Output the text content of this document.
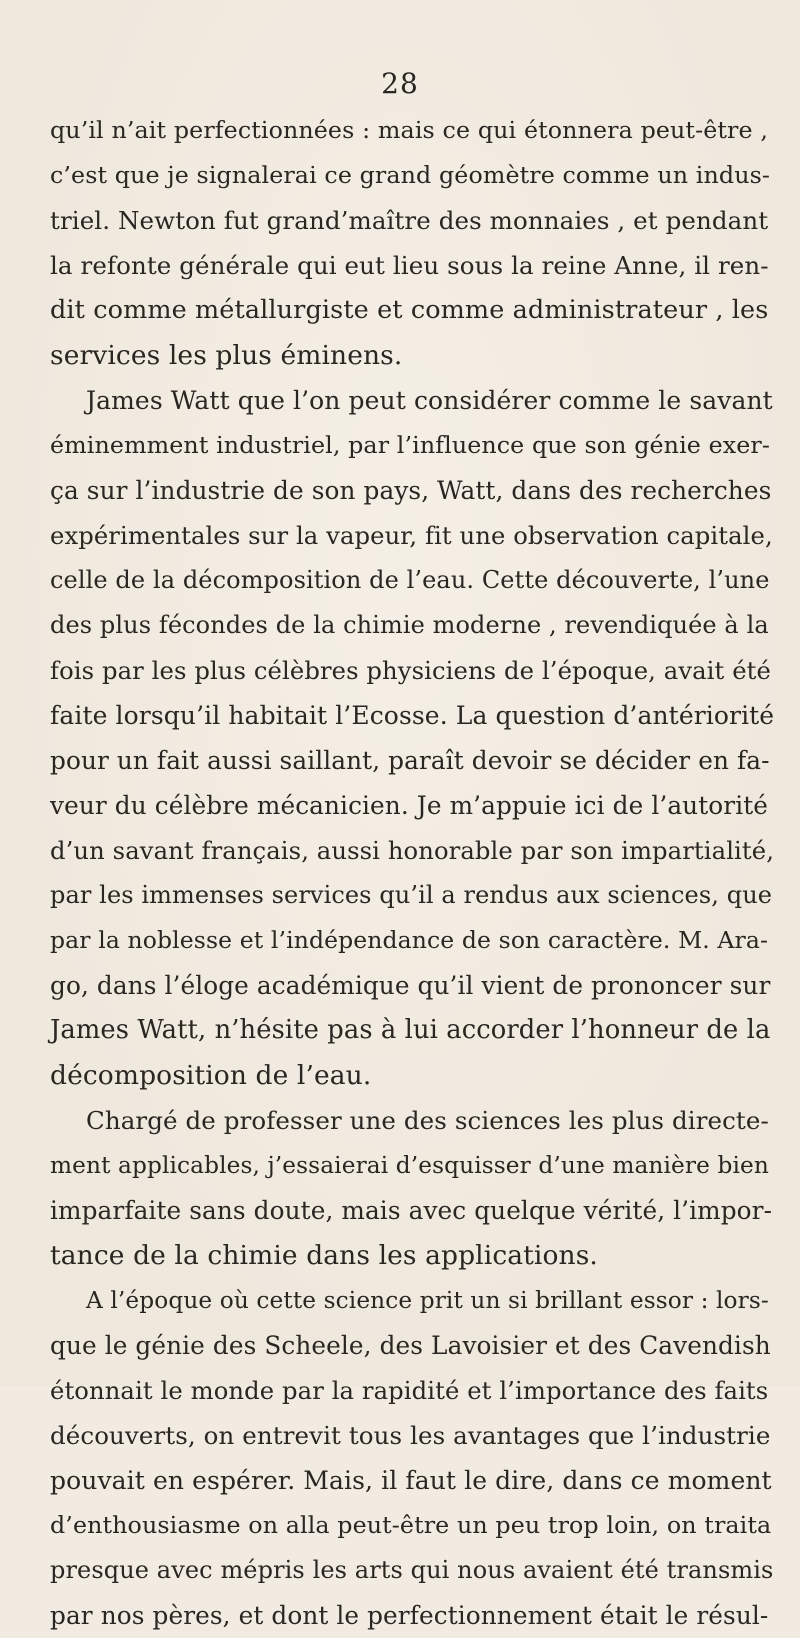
28
qu’il n’ait perfectionnées : mais ce qui étonnera peut-être ,
c’est que je signalerai ce grand géomètre comme un indus-
triel. Newton fut grand’maître des monnaies , et pendant
la refonte générale qui eut lieu sous la reine Anne, il ren-
dit comme métallurgiste et comme administrateur , les
services les plus éminens.
James Watt que l’on peut considérer comme le savant
éminemment industriel, par l’influence que son génie exer-
ça sur l’industrie de son pays, Watt, dans des recherches
expérimentales sur la vapeur, fit une observation capitale,
celle de la décomposition de l’eau. Cette découverte, l’une
des plus fécondes de la chimie moderne , revendiquée à la
fois par les plus célèbres physiciens de l’époque, avait été
faite lorsqu’il habitait l’Ecosse. La question d’antériorité
pour un fait aussi saillant, paraît devoir se décider en fa-
veur du célèbre mécanicien. Je m’appuie ici de l’autorité
d’un savant français, aussi honorable par son impartialité,
par les immenses services qu’il a rendus aux sciences, que
par la noblesse et l’indépendance de son caractère. M. Ara-
go, dans l’éloge académique qu’il vient de prononcer sur
James Watt, n’hésite pas à lui accorder l’honneur de la
décomposition de l’eau.
Chargé de professer une des sciences les plus directe-
ment applicables, j’essaierai d’esquisser d’une manière bien
imparfaite sans doute, mais avec quelque vérité, l’impor-
tance de la chimie dans les applications.
A l’époque où cette science prit un si brillant essor : lors-
que le génie des Scheele, des Lavoisier et des Cavendish
étonnait le monde par la rapidité et l’importance des faits
découverts, on entrevit tous les avantages que l’industrie
pouvait en espérer. Mais, il faut le dire, dans ce moment
d’enthousiasme on alla peut-être un peu trop loin, on traita
presque avec mépris les arts qui nous avaient été transmis
par nos pères, et dont le perfectionnement était le résul-
